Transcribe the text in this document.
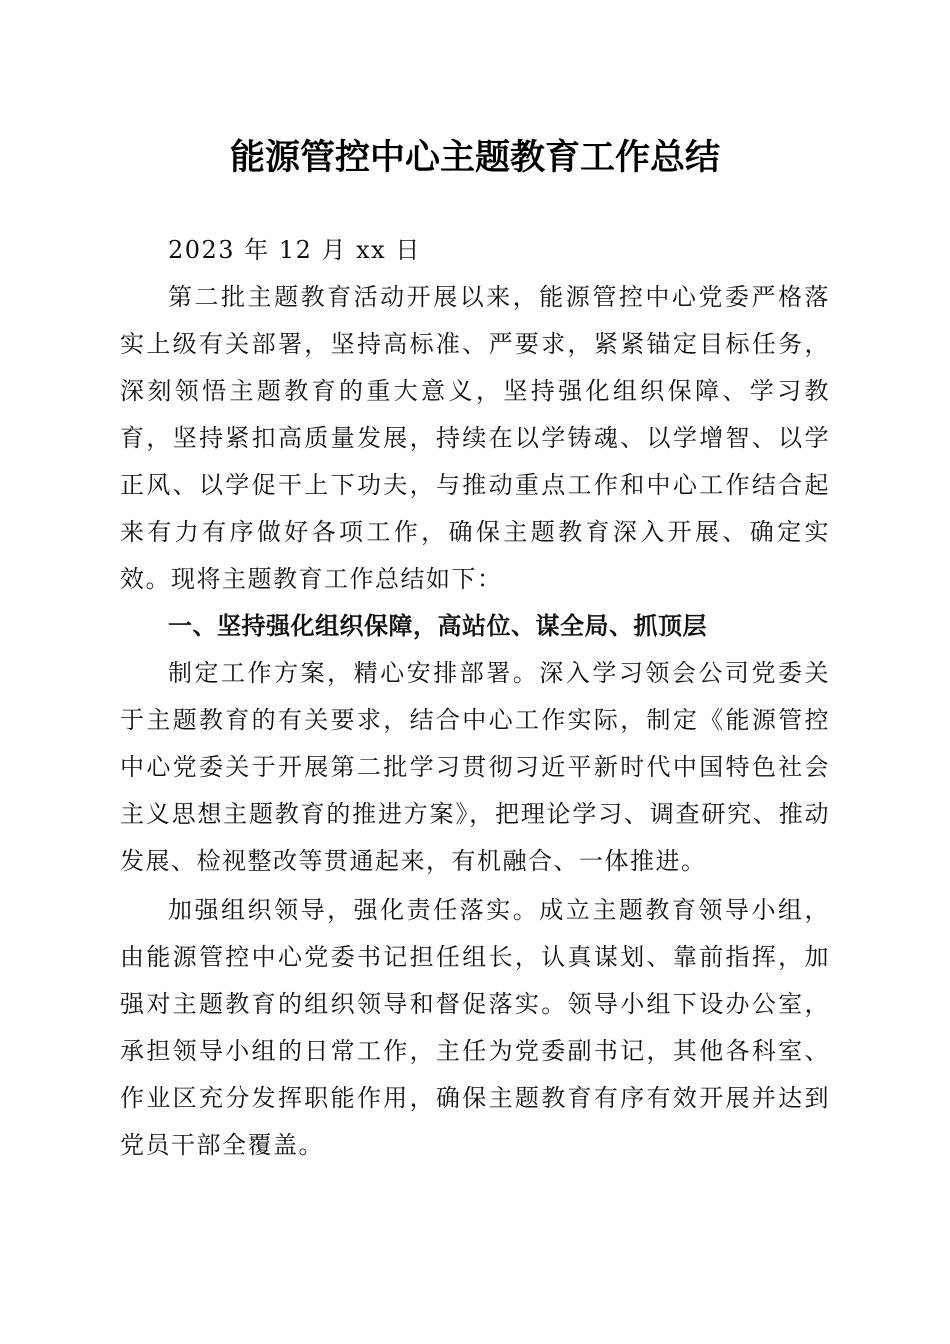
能源管控中心主题教育工作总结

2023 年 12 月 xx 日

第二批主题教育活动开展以来，能源管控中心党委严格落实上级有关部署，坚持高标准、严要求，紧紧锚定目标任务，深刻领悟主题教育的重大意义，坚持强化组织保障、学习教育，坚持紧扣高质量发展，持续在以学铸魂、以学增智、以学正风、以学促干上下功夫，与推动重点工作和中心工作结合起来有力有序做好各项工作，确保主题教育深入开展、确定实效。现将主题教育工作总结如下：

一、坚持强化组织保障，高站位、谋全局、抓顶层

制定工作方案，精心安排部署。深入学习领会公司党委关于主题教育的有关要求，结合中心工作实际，制定《能源管控中心党委关于开展第二批学习贯彻习近平新时代中国特色社会主义思想主题教育的推进方案》，把理论学习、调查研究、推动发展、检视整改等贯通起来，有机融合、一体推进。

加强组织领导，强化责任落实。成立主题教育领导小组，由能源管控中心党委书记担任组长，认真谋划、靠前指挥，加强对主题教育的组织领导和督促落实。领导小组下设办公室，承担领导小组的日常工作，主任为党委副书记，其他各科室、作业区充分发挥职能作用，确保主题教育有序有效开展并达到党员干部全覆盖。
